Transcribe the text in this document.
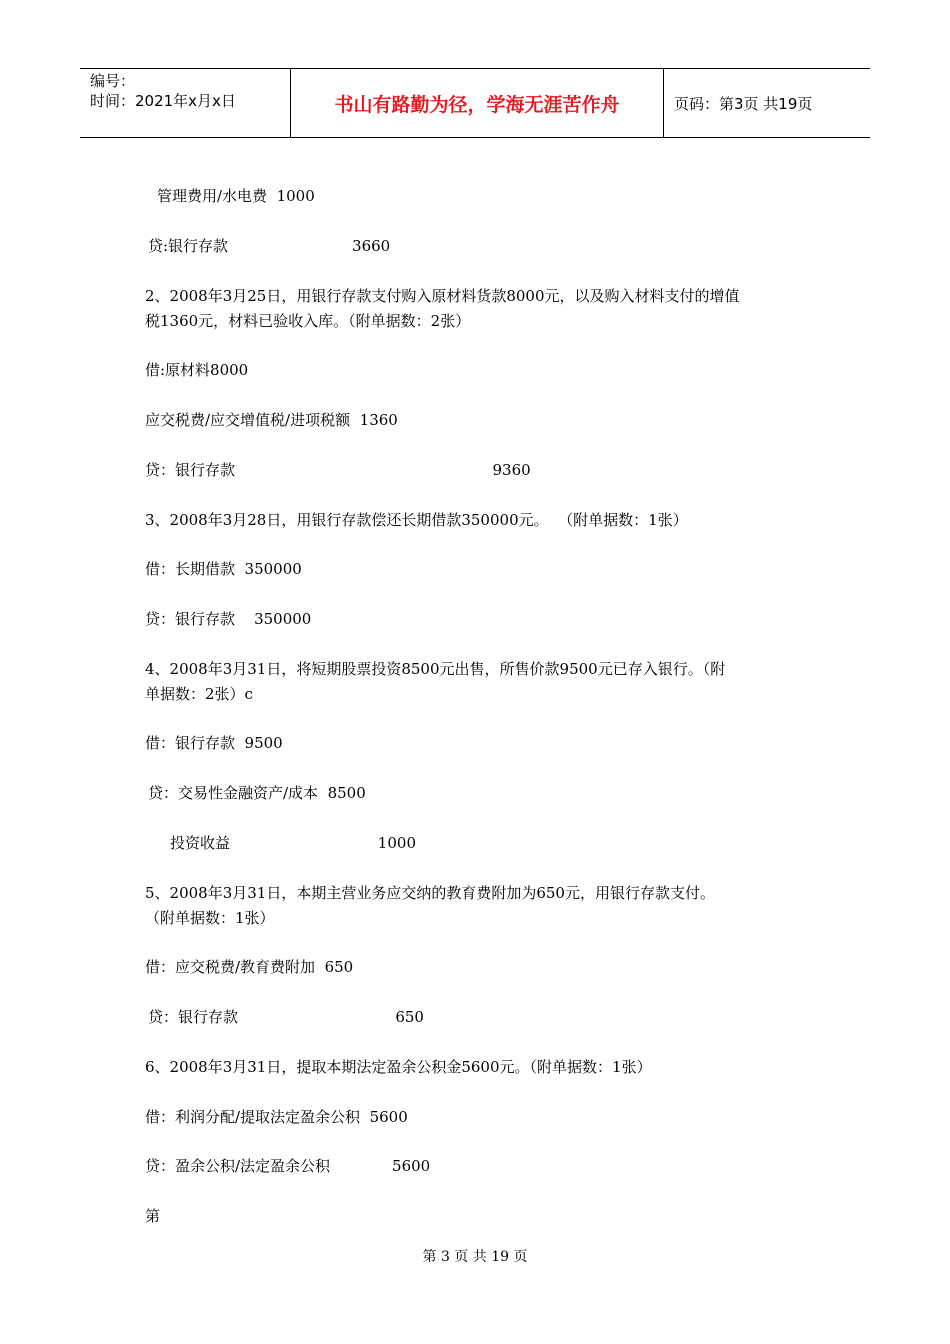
编号：
时间：2021年x月x日	书山有路勤为径，学海无涯苦作舟	页码：第3页 共19页
管理费用/水电费  1000
贷:银行存款                          3660
2、2008年3月25日，用银行存款支付购入原材料货款8000元，以及购入材料支付的增值
税1360元，材料已验收入库。（附单据数：2张）
借:原材料8000
应交税费/应交增值税/进项税额  1360
贷：银行存款                                                      9360
3、2008年3月28日，用银行存款偿还长期借款350000元。  （附单据数：1张）
借：长期借款  350000
贷：银行存款    350000
4、2008年3月31日，将短期股票投资8500元出售，所售价款9500元已存入银行。（附
单据数：2张）c
借：银行存款  9500
贷：交易性金融资产/成本  8500
投资收益                               1000
5、2008年3月31日，本期主营业务应交纳的教育费附加为650元，用银行存款支付。
（附单据数：1张）
借：应交税费/教育费附加  650
贷：银行存款                                 650
6、2008年3月31日，提取本期法定盈余公积金5600元。（附单据数：1张）
借：利润分配/提取法定盈余公积  5600
贷：盈余公积/法定盈余公积             5600
第
第 3 页 共 19 页
